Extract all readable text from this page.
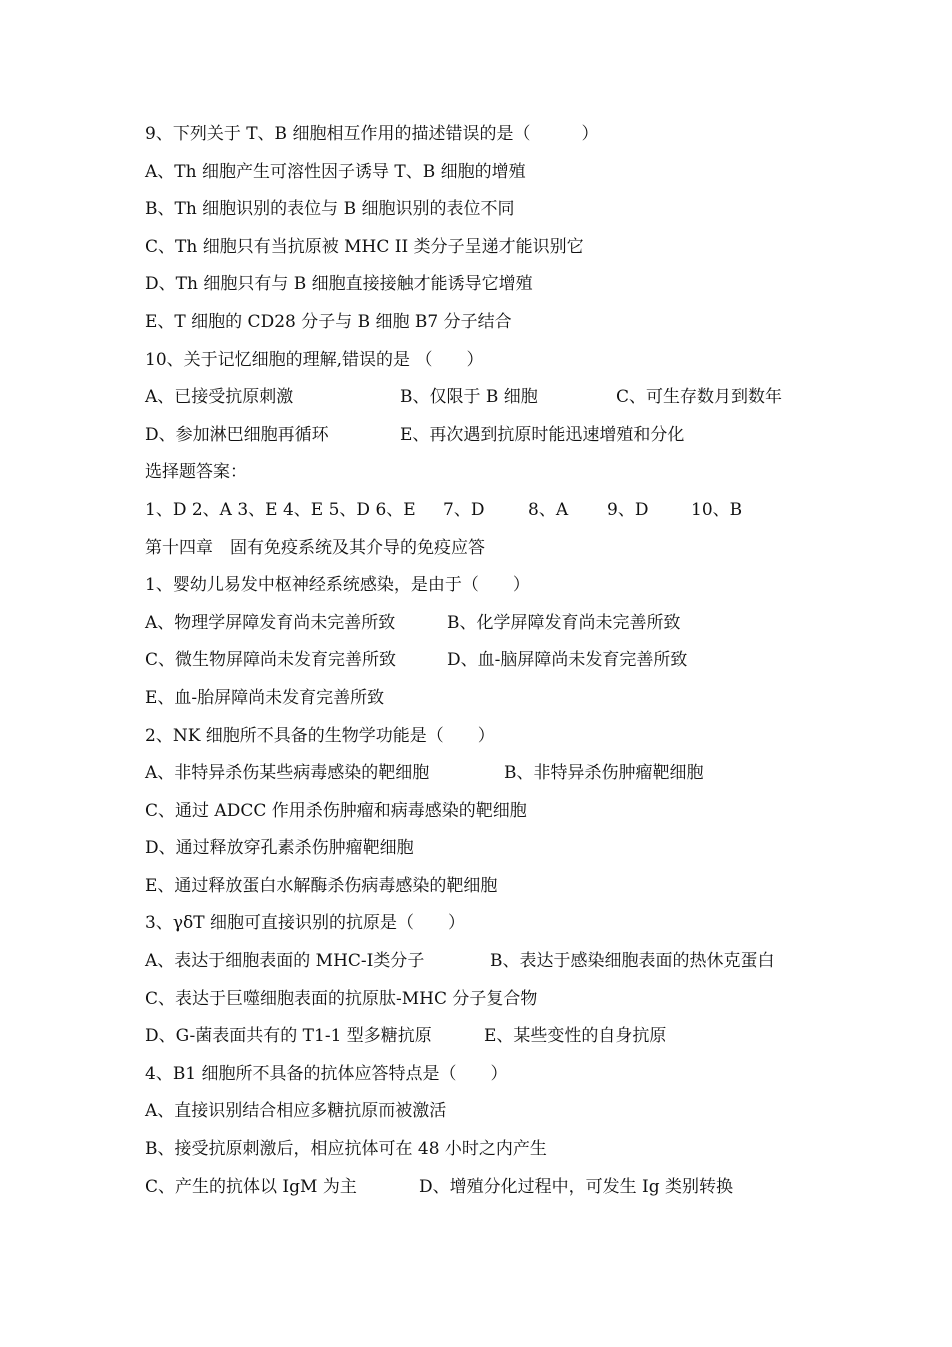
9、下列关于 T、B 细胞相互作用的描述错误的是（　　　）
A、Th 细胞产生可溶性因子诱导 T、B 细胞的增殖
B、Th 细胞识别的表位与 B 细胞识别的表位不同
C、Th 细胞只有当抗原被 MHC II 类分子呈递才能识别它
D、Th 细胞只有与 B 细胞直接接触才能诱导它增殖
E、T 细胞的 CD28 分子与 B 细胞 B7 分子结合
10、关于记忆细胞的理解,错误的是 （　　）
A、已接受抗原刺激	B、仅限于 B 细胞	C、可生存数月到数年
D、参加淋巴细胞再循环	E、再次遇到抗原时能迅速增殖和分化
选择题答案：
1、D 2、A 3、E 4、E 5、D 6、E 7、D	8、A 9、D	10、B
第十四章　固有免疫系统及其介导的免疫应答
1、婴幼儿易发中枢神经系统感染，是由于（　　）
A、物理学屏障发育尚未完善所致	B、化学屏障发育尚未完善所致
C、微生物屏障尚未发育完善所致	D、血-脑屏障尚未发育完善所致
E、血-胎屏障尚未发育完善所致
2、NK 细胞所不具备的生物学功能是（　　）
A、非特异杀伤某些病毒感染的靶细胞	B、非特异杀伤肿瘤靶细胞
C、通过 ADCC 作用杀伤肿瘤和病毒感染的靶细胞
D、通过释放穿孔素杀伤肿瘤靶细胞
E、通过释放蛋白水解酶杀伤病毒感染的靶细胞
3、γδT 细胞可直接识别的抗原是（　　）
A、表达于细胞表面的 MHC-Ⅰ类分子	B、表达于感染细胞表面的热休克蛋白
C、表达于巨噬细胞表面的抗原肽-MHC 分子复合物
D、G-菌表面共有的 T1-1 型多糖抗原	E、某些变性的自身抗原
4、B1 细胞所不具备的抗体应答特点是（　　）
A、直接识别结合相应多糖抗原而被激活
B、接受抗原刺激后，相应抗体可在 48 小时之内产生
C、产生的抗体以 IgM 为主	D、增殖分化过程中，可发生 Ig 类别转换
